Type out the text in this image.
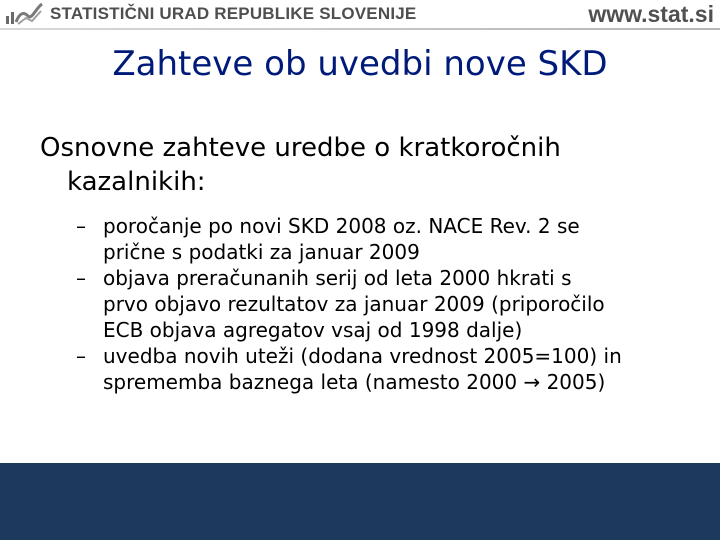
STATISTIČNI URAD REPUBLIKE SLOVENIJE	www.stat.si
Zahteve ob uvedbi nove SKD
Osnovne zahteve uredbe o kratkoročnih
kazalnikih:
– poročanje po novi SKD 2008 oz. NACE Rev. 2 se
prične s podatki za januar 2009
– objava preračunanih serij od leta 2000 hkrati s
prvo objavo rezultatov za januar 2009 (priporočilo
ECB objava agregatov vsaj od 1998 dalje)
– uvedba novih uteži (dodana vrednost 2005=100) in
sprememba baznega leta (namesto 2000 → 2005)
